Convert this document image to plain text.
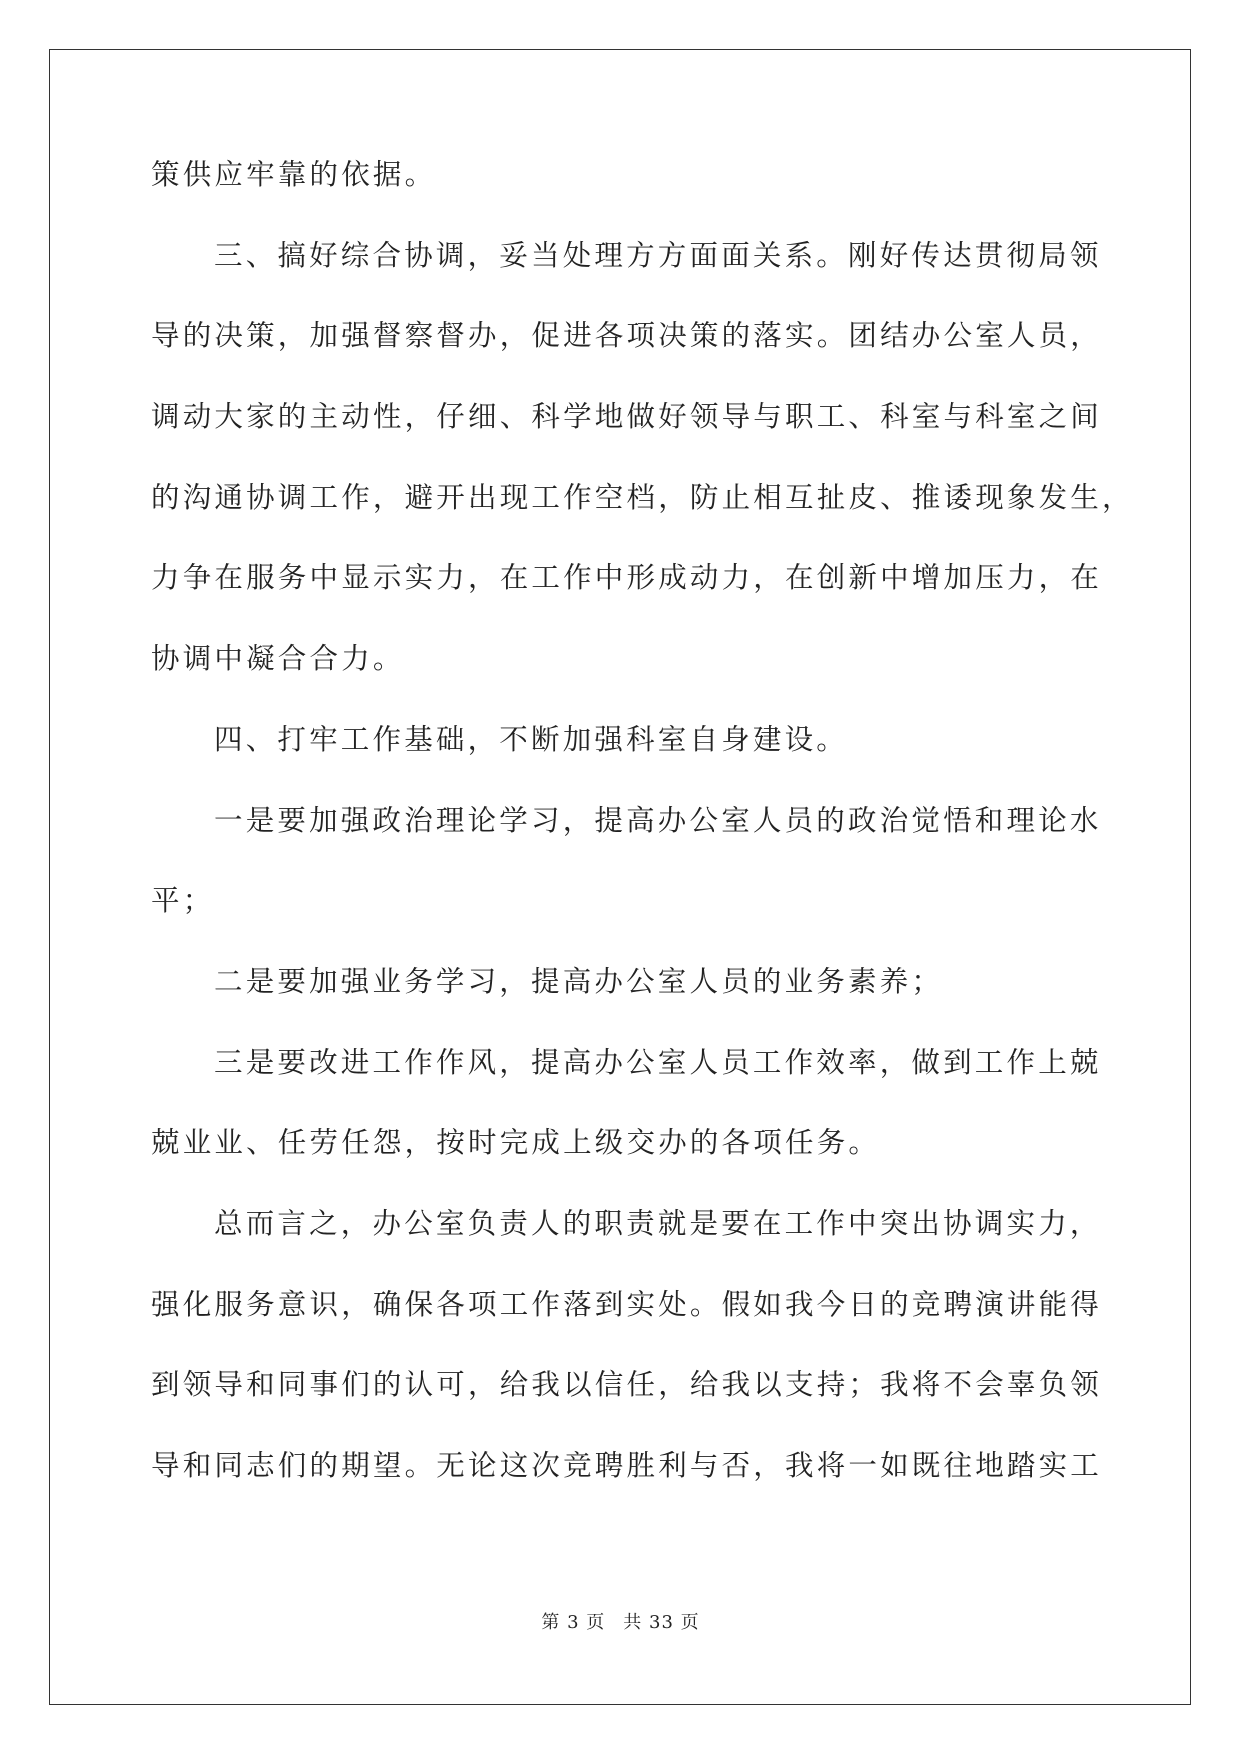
策供应牢靠的依据。
三、搞好综合协调，妥当处理方方面面关系。刚好传达贯彻局领
导的决策，加强督察督办，促进各项决策的落实。团结办公室人员，
调动大家的主动性，仔细、科学地做好领导与职工、科室与科室之间
的沟通协调工作，避开出现工作空档，防止相互扯皮、推诿现象发生，
力争在服务中显示实力，在工作中形成动力，在创新中增加压力，在
协调中凝合合力。
四、打牢工作基础，不断加强科室自身建设。
一是要加强政治理论学习，提高办公室人员的政治觉悟和理论水
平；
二是要加强业务学习，提高办公室人员的业务素养；
三是要改进工作作风，提高办公室人员工作效率，做到工作上兢
兢业业、任劳任怨，按时完成上级交办的各项任务。
总而言之，办公室负责人的职责就是要在工作中突出协调实力，
强化服务意识，确保各项工作落到实处。假如我今日的竞聘演讲能得
到领导和同事们的认可，给我以信任，给我以支持；我将不会辜负领
导和同志们的期望。无论这次竞聘胜利与否，我将一如既往地踏实工
第 3 页 共 33 页
